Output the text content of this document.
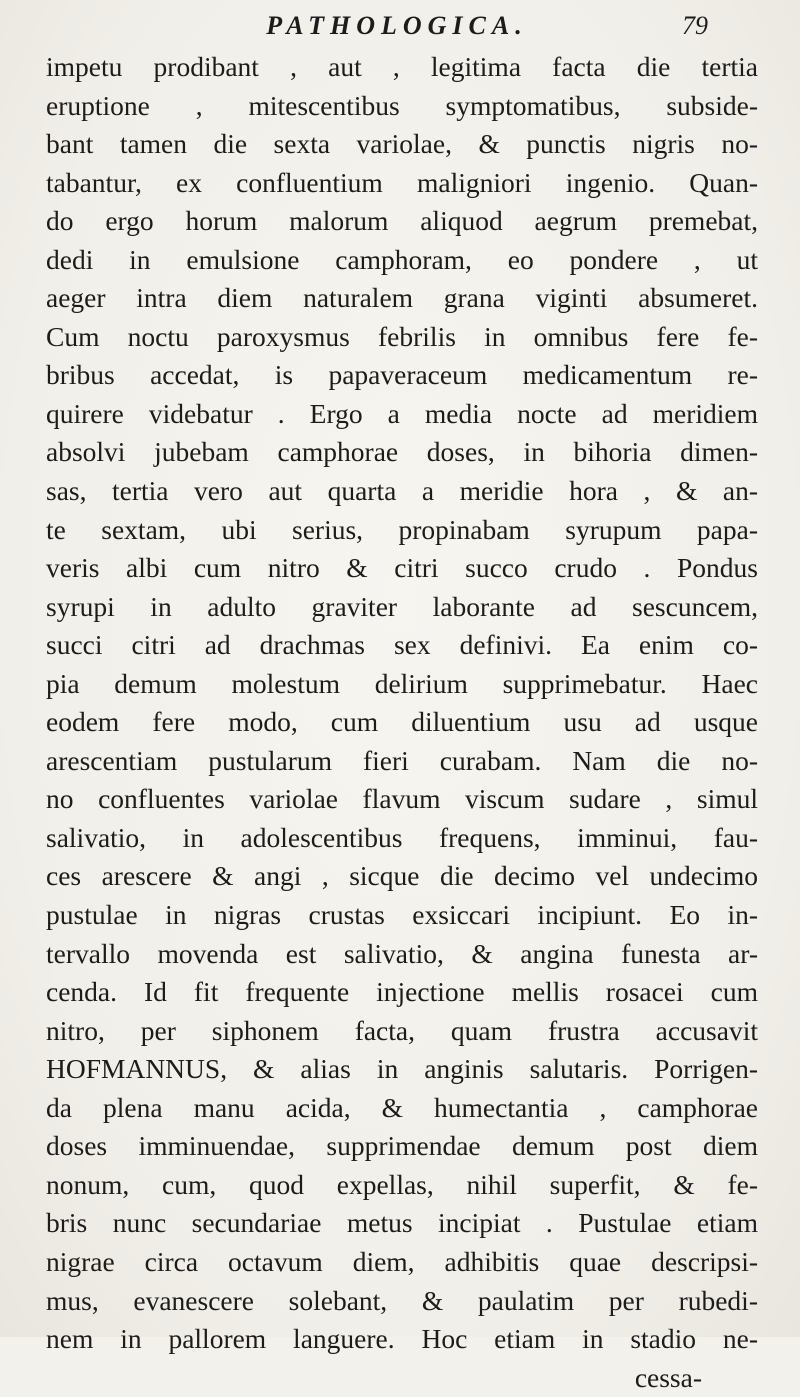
PATHOLOGICA.	79
impetu prodibant , aut , legitima facta die tertia
eruptione , mitescentibus symptomatibus, subside-
bant tamen die sexta variolae, & punctis nigris no-
tabantur, ex confluentium maligniori ingenio. Quan-
do ergo horum malorum aliquod aegrum premebat,
dedi in emulsione camphoram, eo pondere , ut
aeger intra diem naturalem grana viginti absumeret.
Cum noctu paroxysmus febrilis in omnibus fere fe-
bribus accedat, is papaveraceum medicamentum re-
quirere videbatur . Ergo a media nocte ad meridiem
absolvi jubebam camphorae doses, in bihoria dimen-
sas, tertia vero aut quarta a meridie hora , & an-
te sextam, ubi serius, propinabam syrupum papa-
veris albi cum nitro & citri succo crudo . Pondus
syrupi in adulto graviter laborante ad sescuncem,
succi citri ad drachmas sex definivi. Ea enim co-
pia demum molestum delirium supprimebatur. Haec
eodem fere modo, cum diluentium usu ad usque
arescentiam pustularum fieri curabam. Nam die no-
no confluentes variolae flavum viscum sudare , simul
salivatio, in adolescentibus frequens, imminui, fau-
ces arescere & angi , sicque die decimo vel undecimo
pustulae in nigras crustas exsiccari incipiunt. Eo in-
tervallo movenda est salivatio, & angina funesta ar-
cenda. Id fit frequente injectione mellis rosacei cum
nitro, per siphonem facta, quam frustra accusavit
HOFMANNUS, & alias in anginis salutaris. Porrigen-
da plena manu acida, & humectantia , camphorae
doses imminuendae, supprimendae demum post diem
nonum, cum, quod expellas, nihil superfit, & fe-
bris nunc secundariae metus incipiat . Pustulae etiam
nigrae circa octavum diem, adhibitis quae descripsi-
mus, evanescere solebant, & paulatim per rubedi-
nem in pallorem languere. Hoc etiam in stadio ne-
cessa-
